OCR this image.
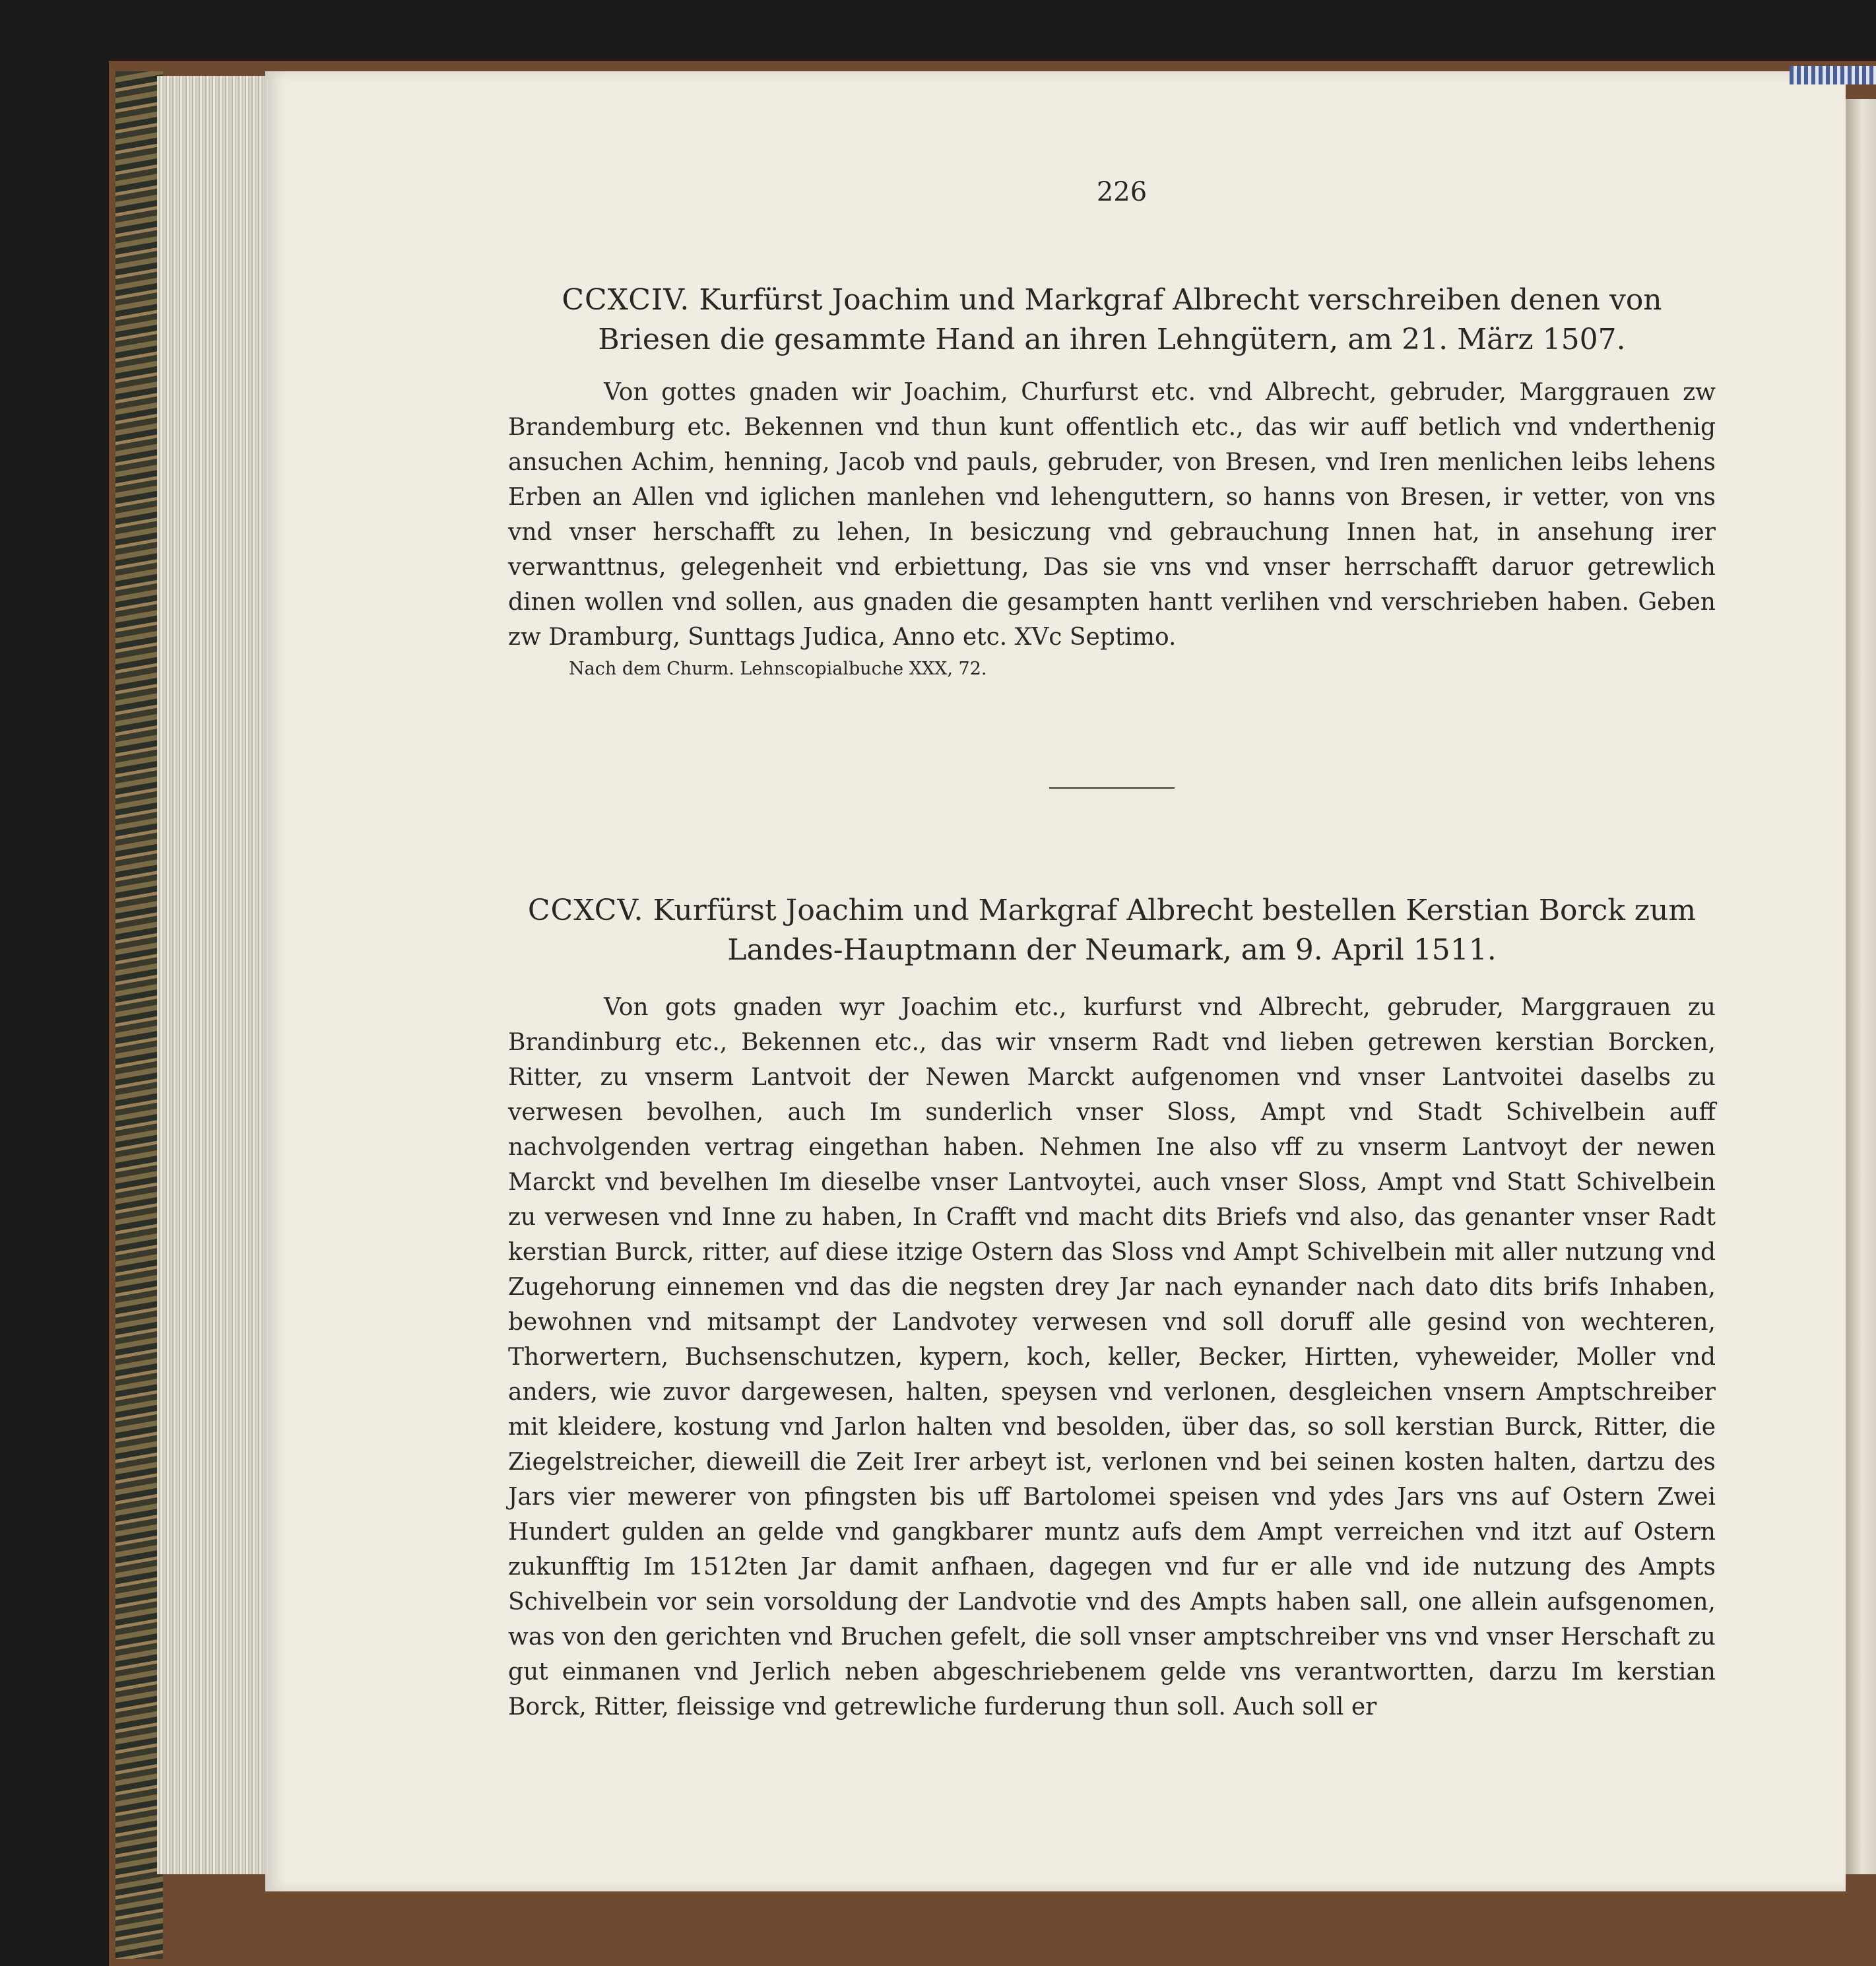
226
CCXCIV. Kurfürst Joachim und Markgraf Albrecht verschreiben denen von Briesen die gesammte Hand an ihren Lehngütern, am 21. März 1507.

Von gottes gnaden wir Joachim, Churfurst etc. vnd Albrecht, gebruder, Marggrauen zw Brandemburg etc. Bekennen vnd thun kunt offentlich etc., das wir auff betlich vnd vnderthenig ansuchen Achim, henning, Jacob vnd pauls, gebruder, von Bresen, vnd Iren menlichen leibs lehens Erben an Allen vnd iglichen manlehen vnd lehenguttern, so hanns von Bresen, ir vetter, von vns vnd vnser herschafft zu lehen, In besiczung vnd gebrauchung Innen hat, in ansehung irer verwanttnus, gelegenheit vnd erbiettung, Das sie vns vnd vnser herrschafft daruor getrewlich dinen wollen vnd sollen, aus gnaden die gesampten hantt verlihen vnd verschrieben haben. Geben zw Dramburg, Sunttags Judica, Anno etc. XVc Septimo.

Nach dem Churm. Lehnscopialbuche XXX, 72.
CCXCV. Kurfürst Joachim und Markgraf Albrecht bestellen Kerstian Borck zum Landes-Hauptmann der Neumark, am 9. April 1511.

Von gots gnaden wyr Joachim etc., kurfurst vnd Albrecht, gebruder, Marggrauen zu Brandinburg etc., Bekennen etc., das wir vnserm Radt vnd lieben getrewen kerstian Borcken, Ritter, zu vnserm Lantvoit der Newen Marckt aufgenomen vnd vnser Lantvoitei daselbs zu verwesen bevolhen, auch Im sunderlich vnser Sloss, Ampt vnd Stadt Schivelbein auff nachvolgenden vertrag eingethan haben. Nehmen Ine also vff zu vnserm Lantvoyt der newen Marckt vnd bevelhen Im dieselbe vnser Lantvoytei, auch vnser Sloss, Ampt vnd Statt Schivelbein zu verwesen vnd Inne zu haben, In Crafft vnd macht dits Briefs vnd also, das genanter vnser Radt kerstian Burck, ritter, auf diese itzige Ostern das Sloss vnd Ampt Schivelbein mit aller nutzung vnd Zugehorung einnemen vnd das die negsten drey Jar nach eynander nach dato dits brifs Inhaben, bewohnen vnd mitsampt der Landvotey verwesen vnd soll doruff alle gesind von wechteren, Thorwertern, Buchsenschutzen, kypern, koch, keller, Becker, Hirtten, vyheweider, Moller vnd anders, wie zuvor dargewesen, halten, speysen vnd verlonen, desgleichen vnsern Amptschreiber mit kleidere, kostung vnd Jarlon halten vnd besolden, über das, so soll kerstian Burck, Ritter, die Ziegelstreicher, dieweill die Zeit Irer arbeyt ist, verlonen vnd bei seinen kosten halten, dartzu des Jars vier mewerer von pfingsten bis uff Bartolomei speisen vnd ydes Jars vns auf Ostern Zwei Hundert gulden an gelde vnd gangkbarer muntz aufs dem Ampt verreichen vnd itzt auf Ostern zukunfftig Im 1512ten Jar damit anfhaen, dagegen vnd fur er alle vnd ide nutzung des Ampts Schivelbein vor sein vorsoldung der Landvotie vnd des Ampts haben sall, one allein aufsgenomen, was von den gerichten vnd Bruchen gefelt, die soll vnser amptschreiber vns vnd vnser Herschaft zu gut einmanen vnd Jerlich neben abgeschriebenem gelde vns verantwortten, darzu Im kerstian Borck, Ritter, fleissige vnd getrewliche furderung thun soll. Auch soll er
